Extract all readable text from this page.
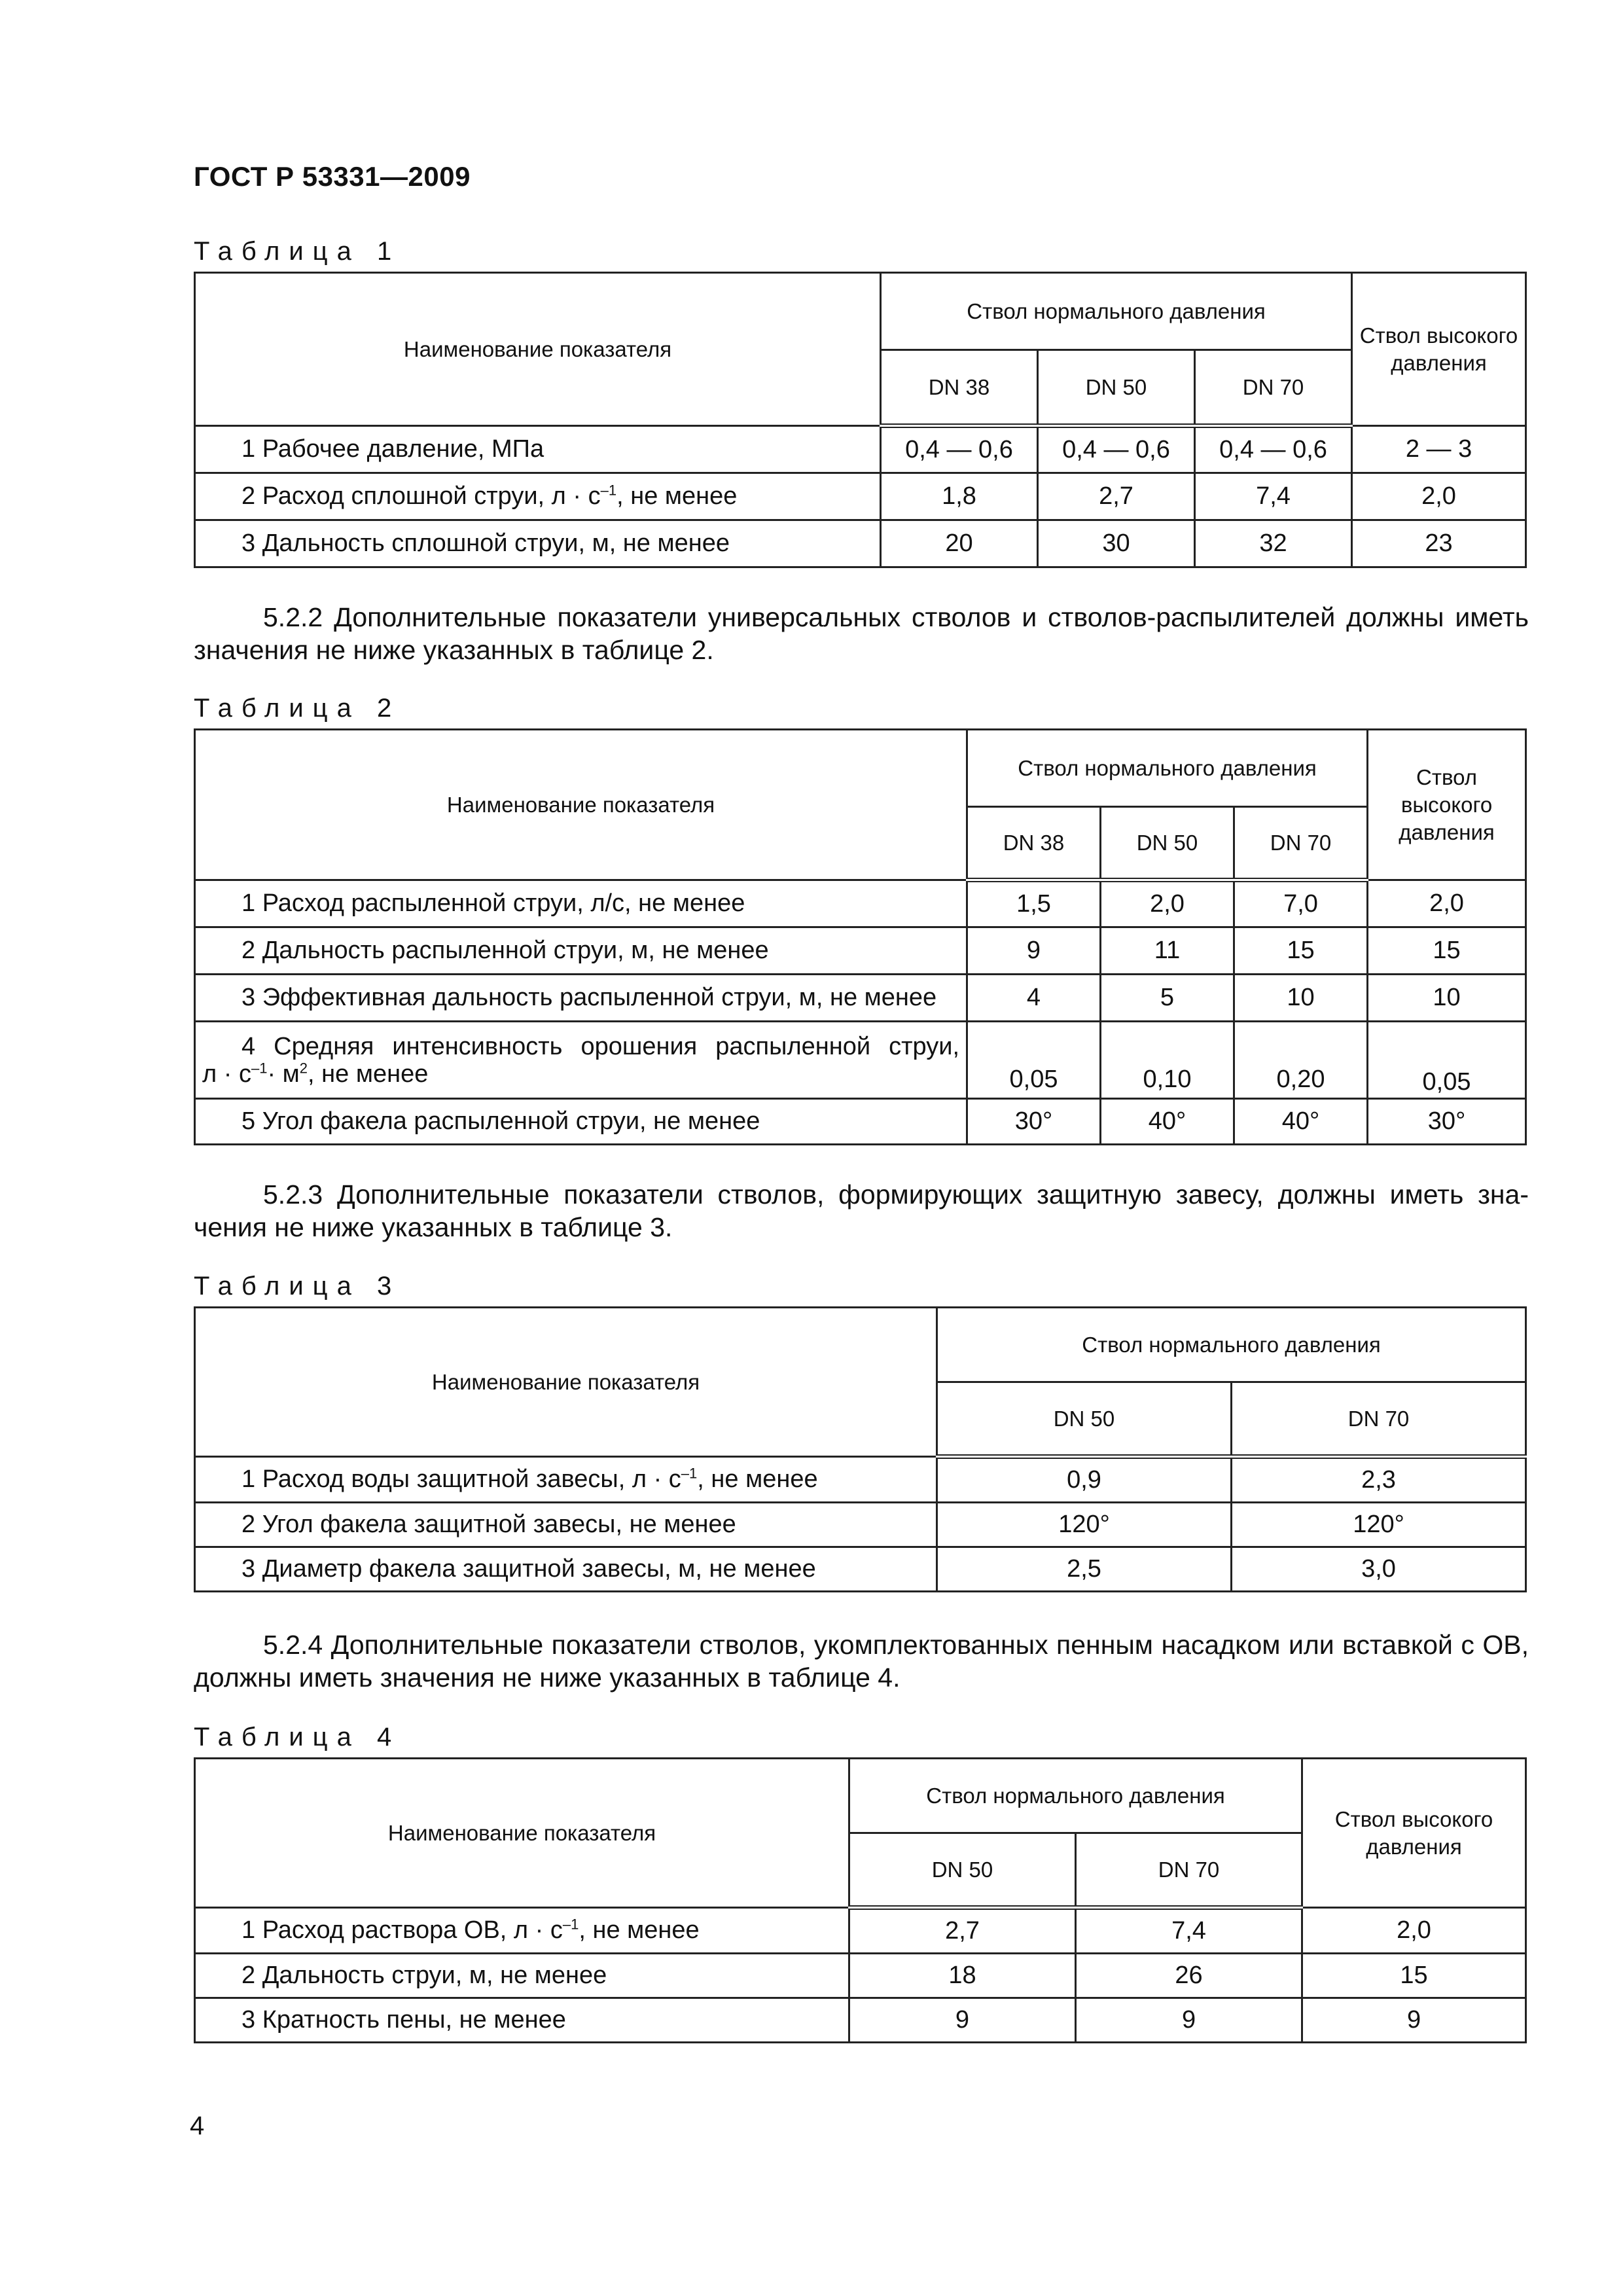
ГОСТ Р 53331—2009
Таблица 1
Наименование показателя	Ствол нормального давления			Ствол высокого давления
	DN 38	DN 50	DN 70	
1 Рабочее давление, МПа	0,4 — 0,6	0,4 — 0,6	0,4 — 0,6	2 — 3
2 Расход сплошной струи, $л \cdot с^{-1}$, не менее	1,8	2,7	7,4	2,0
3 Дальность сплошной струи, м, не менее	20	30	32	23
5.2.2 Дополнительные показатели универсальных стволов и стволов-распылителей должны иметь значения не ниже указанных в таблице 2.
Таблица 2
Наименование показателя	Ствол нормального давления			Ствол высокого давления
	DN 38	DN 50	DN 70	
1 Расход распыленной струи, л/с, не менее	1,5	2,0	7,0	2,0
2 Дальность распыленной струи, м, не менее	9	11	15	15
3 Эффективная дальность распыленной струи, м, не менее	4	5	10	10

4 Средняя интенсивность орошения распыленной струи,
$л \cdot с^{-1}\cdot м^2$, не менее	0,05	0,10	0,20	0,05
5 Угол факела распыленной струи, не менее	30°	40°	40°	30°
5.2.3 Дополнительные показатели стволов, формирующих защитную завесу, должны иметь зна-чения не ниже указанных в таблице 3.
Таблица 3
Наименование показателя	Ствол нормального давления	
	DN 50	DN 70
1 Расход воды защитной завесы, $л \cdot с^{-1}$, не менее	0,9	2,3
2 Угол факела защитной завесы, не менее	120°	120°
3 Диаметр факела защитной завесы, м, не менее	2,5	3,0
5.2.4 Дополнительные показатели стволов, укомплектованных пенным насадком или вставкой с ОВ, должны иметь значения не ниже указанных в таблице 4.
Таблица 4
Наименование показателя	Ствол нормального давления		Ствол высокого давления
	DN 50	DN 70	
1 Расход раствора ОВ, $л \cdot с^{-1}$, не менее	2,7	7,4	2,0
2 Дальность струи, м, не менее	18	26	15
3 Кратность пены, не менее	9	9	9
4
